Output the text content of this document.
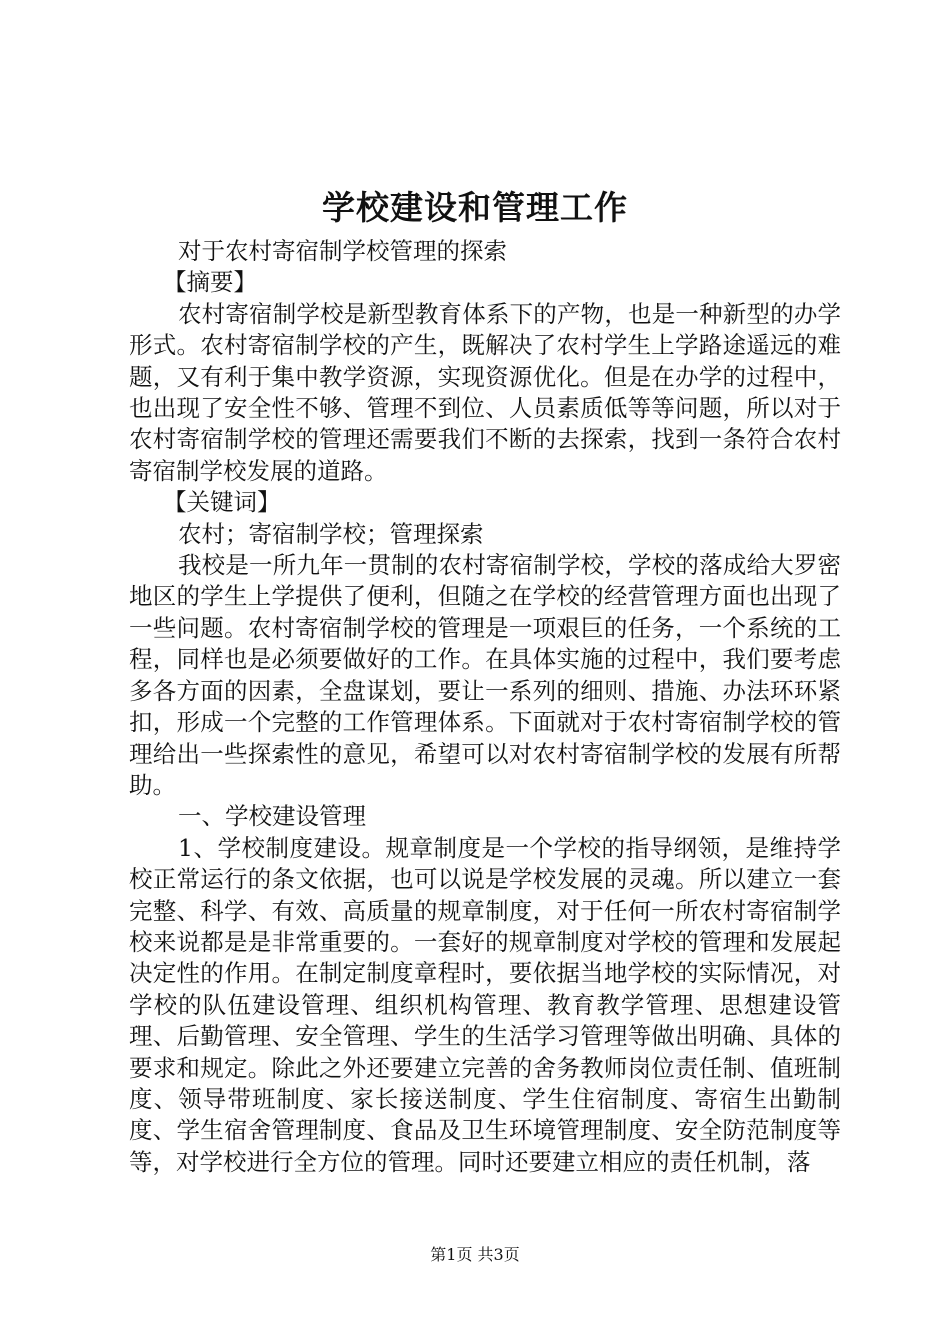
学校建设和管理工作

对于农村寄宿制学校管理的探索

【摘要】

农村寄宿制学校是新型教育体系下的产物，也是一种新型的办学形式。农村寄宿制学校的产生，既解决了农村学生上学路途遥远的难题，又有利于集中教学资源，实现资源优化。但是在办学的过程中，也出现了安全性不够、管理不到位、人员素质低等等问题，所以对于农村寄宿制学校的管理还需要我们不断的去探索，找到一条符合农村寄宿制学校发展的道路。

【关键词】

农村；寄宿制学校；管理探索

我校是一所九年一贯制的农村寄宿制学校，学校的落成给大罗密地区的学生上学提供了便利，但随之在学校的经营管理方面也出现了一些问题。农村寄宿制学校的管理是一项艰巨的任务，一个系统的工程，同样也是必须要做好的工作。在具体实施的过程中，我们要考虑多各方面的因素，全盘谋划，要让一系列的细则、措施、办法环环紧扣，形成一个完整的工作管理体系。下面就对于农村寄宿制学校的管理给出一些探索性的意见，希望可以对农村寄宿制学校的发展有所帮助。

一、学校建设管理

1、学校制度建设。规章制度是一个学校的指导纲领，是维持学校正常运行的条文依据，也可以说是学校发展的灵魂。所以建立一套完整、科学、有效、高质量的规章制度，对于任何一所农村寄宿制学校来说都是是非常重要的。一套好的规章制度对学校的管理和发展起决定性的作用。在制定制度章程时，要依据当地学校的实际情况，对学校的队伍建设管理、组织机构管理、教育教学管理、思想建设管理、后勤管理、安全管理、学生的生活学习管理等做出明确、具体的要求和规定。除此之外还要建立完善的舍务教师岗位责任制、值班制度、领导带班制度、家长接送制度、学生住宿制度、寄宿生出勤制度、学生宿舍管理制度、食品及卫生环境管理制度、安全防范制度等等，对学校进行全方位的管理。同时还要建立相应的责任机制，落

第1页 共3页
